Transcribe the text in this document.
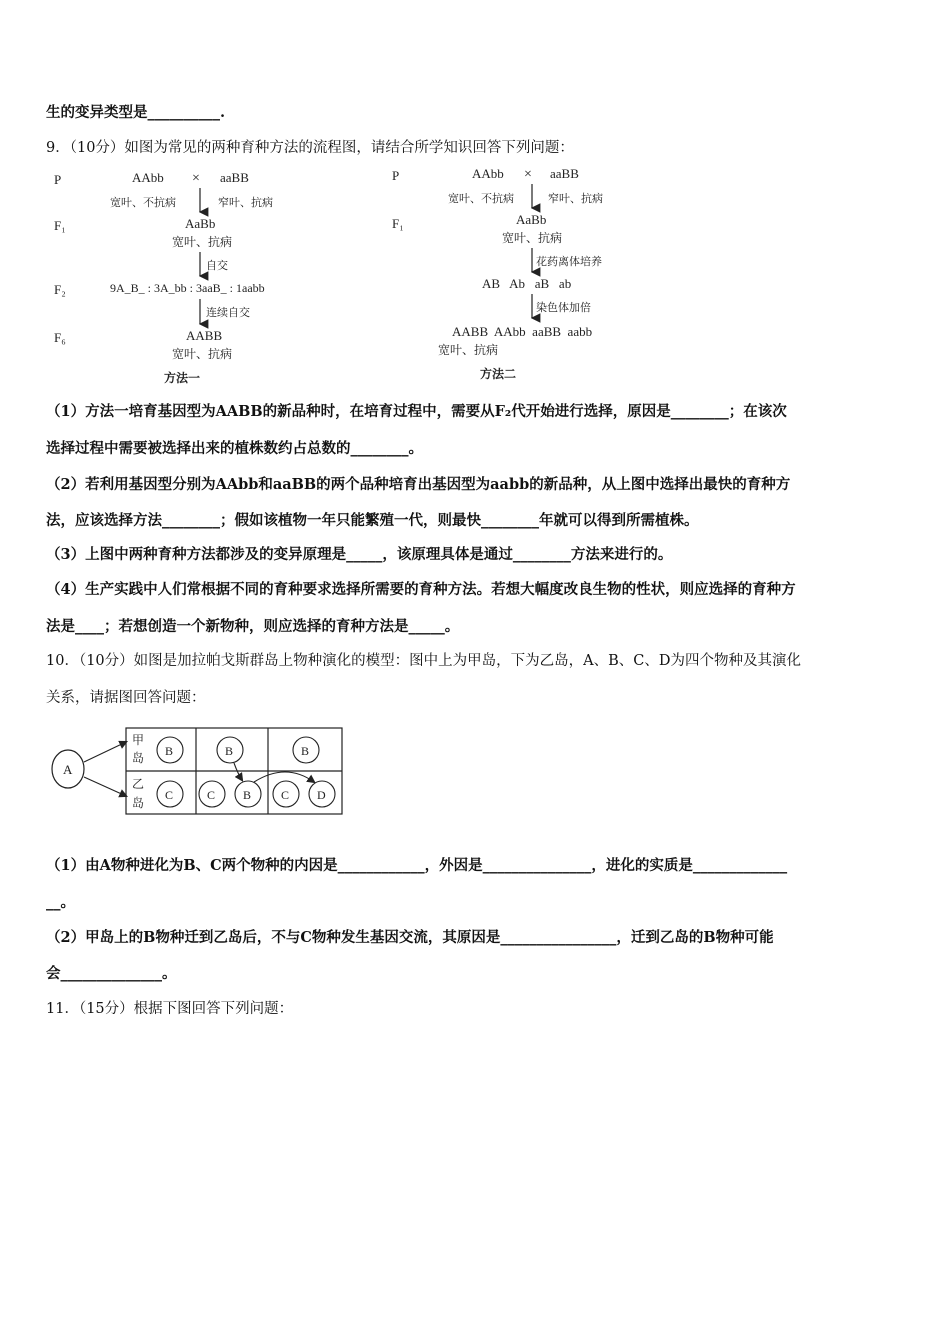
生的变异类型是__________.
9．（10分）如图为常见的两种育种方法的流程图，请结合所学知识回答下列问题：
P
F₁
F₂
F₆
AAbb × aaBB
宽叶、不抗病	窄叶、抗病
AaBb
宽叶、抗病
自交
9A_B_ : 3A_bb : 3aaB_ : 1aabb
连续自交
AABB
宽叶、抗病
方法一
P
F₁
AAbb × aaBB
宽叶、不抗病	窄叶、抗病
AaBb
宽叶、抗病
花药离体培养
AB   Ab   aB   ab
染色体加倍
AABB  AAbb  aaBB  aabb
宽叶、抗病
方法二
（1）方法一培育基因型为AABB的新品种时，在培育过程中，需要从F₂代开始进行选择，原因是________；在该次
选择过程中需要被选择出来的植株数约占总数的________。
（2）若利用基因型分别为AAbb和aaBB的两个品种培育出基因型为aabb的新品种，从上图中选择出最快的育种方
法，应该选择方法________；假如该植物一年只能繁殖一代，则最快________年就可以得到所需植株。
（3）上图中两种育种方法都涉及的变异原理是_____，该原理具体是通过________方法来进行的。
（4）生产实践中人们常根据不同的育种要求选择所需要的育种方法。若想大幅度改良生物的性状，则应选择的育种方
法是____；若想创造一个新物种，则应选择的育种方法是_____。
10．（10分）如图是加拉帕戈斯群岛上物种演化的模型：图中上为甲岛，下为乙岛，A、B、C、D为四个物种及其演化
关系，请据图回答问题：
A
甲
岛
乙
岛
B
C
B
C B
B
C D
（1）由A物种进化为B、C两个物种的内因是____________，外因是_______________，进化的实质是_____________
__。
（2）甲岛上的B物种迁到乙岛后，不与C物种发生基因交流，其原因是________________，迁到乙岛的B物种可能
会______________。
11．（15分）根据下图回答下列问题：
